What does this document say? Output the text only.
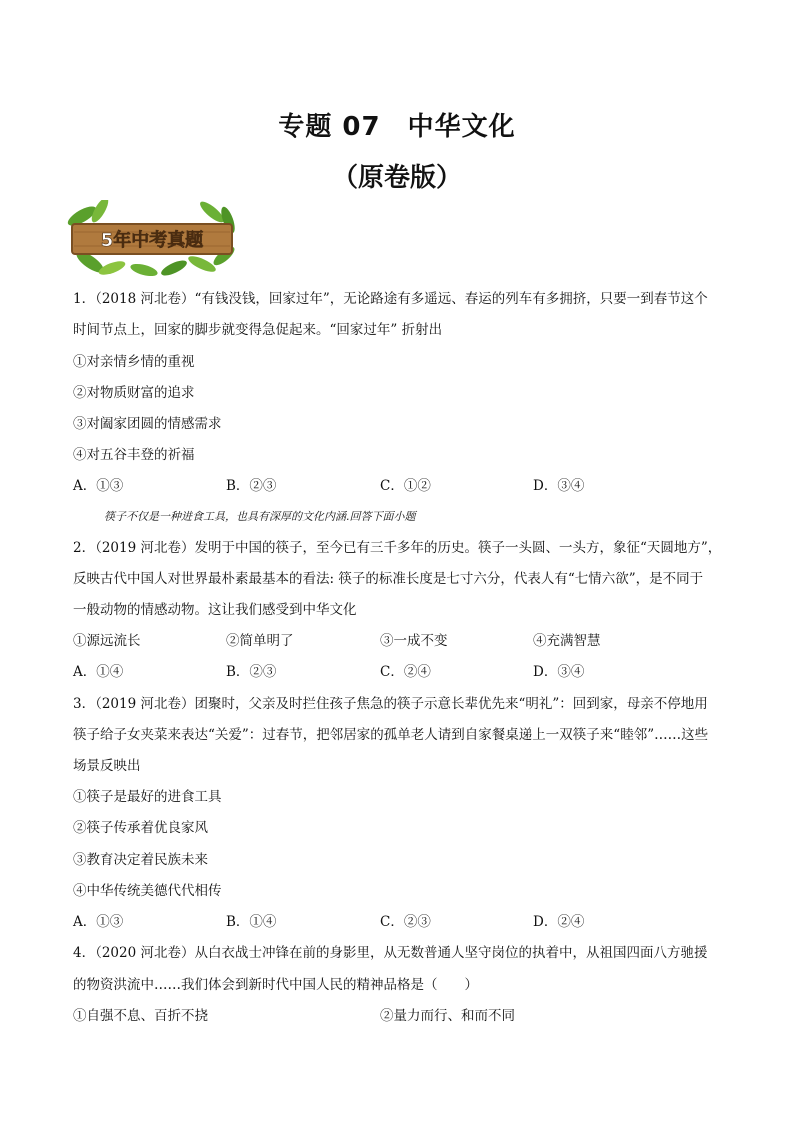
专题 07　中华文化
（原卷版）
5年中考真题
1．（2018 河北卷）“有钱没钱，回家过年”，无论路途有多遥远、春运的列车有多拥挤，只要一到春节这个
时间节点上，回家的脚步就变得急促起来。“回家过年” 折射出
①对亲情乡情的重视
②对物质财富的追求
③对阖家团圆的情感需求
④对五谷丰登的祈福
A．①③	B．②③	C．①②	D．③④
筷子不仅是一种进食工具，也具有深厚的文化内涵.回答下面小题
2．（2019 河北卷）发明于中国的筷子，至今已有三千多年的历史。筷子一头圆、一头方，象征“天圆地方”，
反映古代中国人对世界最朴素最基本的看法: 筷子的标准长度是七寸六分，代表人有“七情六欲”，是不同于
一般动物的情感动物。这让我们感受到中华文化
①源远流长	②简单明了	③一成不变	④充满智慧
A．①④	B．②③	C．②④	D．③④
3．（2019 河北卷）团聚时，父亲及时拦住孩子焦急的筷子示意长辈优先来“明礼”：回到家，母亲不停地用
筷子给子女夹菜来表达“关爱”：过春节，把邻居家的孤单老人请到自家餐桌递上一双筷子来“睦邻”……这些
场景反映出
①筷子是最好的进食工具
②筷子传承着优良家风
③教育决定着民族未来
④中华传统美德代代相传
A．①③	B．①④	C．②③	D．②④
4．（2020 河北卷）从白衣战士冲锋在前的身影里，从无数普通人坚守岗位的执着中，从祖国四面八方驰援
的物资洪流中……我们体会到新时代中国人民的精神品格是（　　）
①自强不息、百折不挠	②量力而行、和而不同
